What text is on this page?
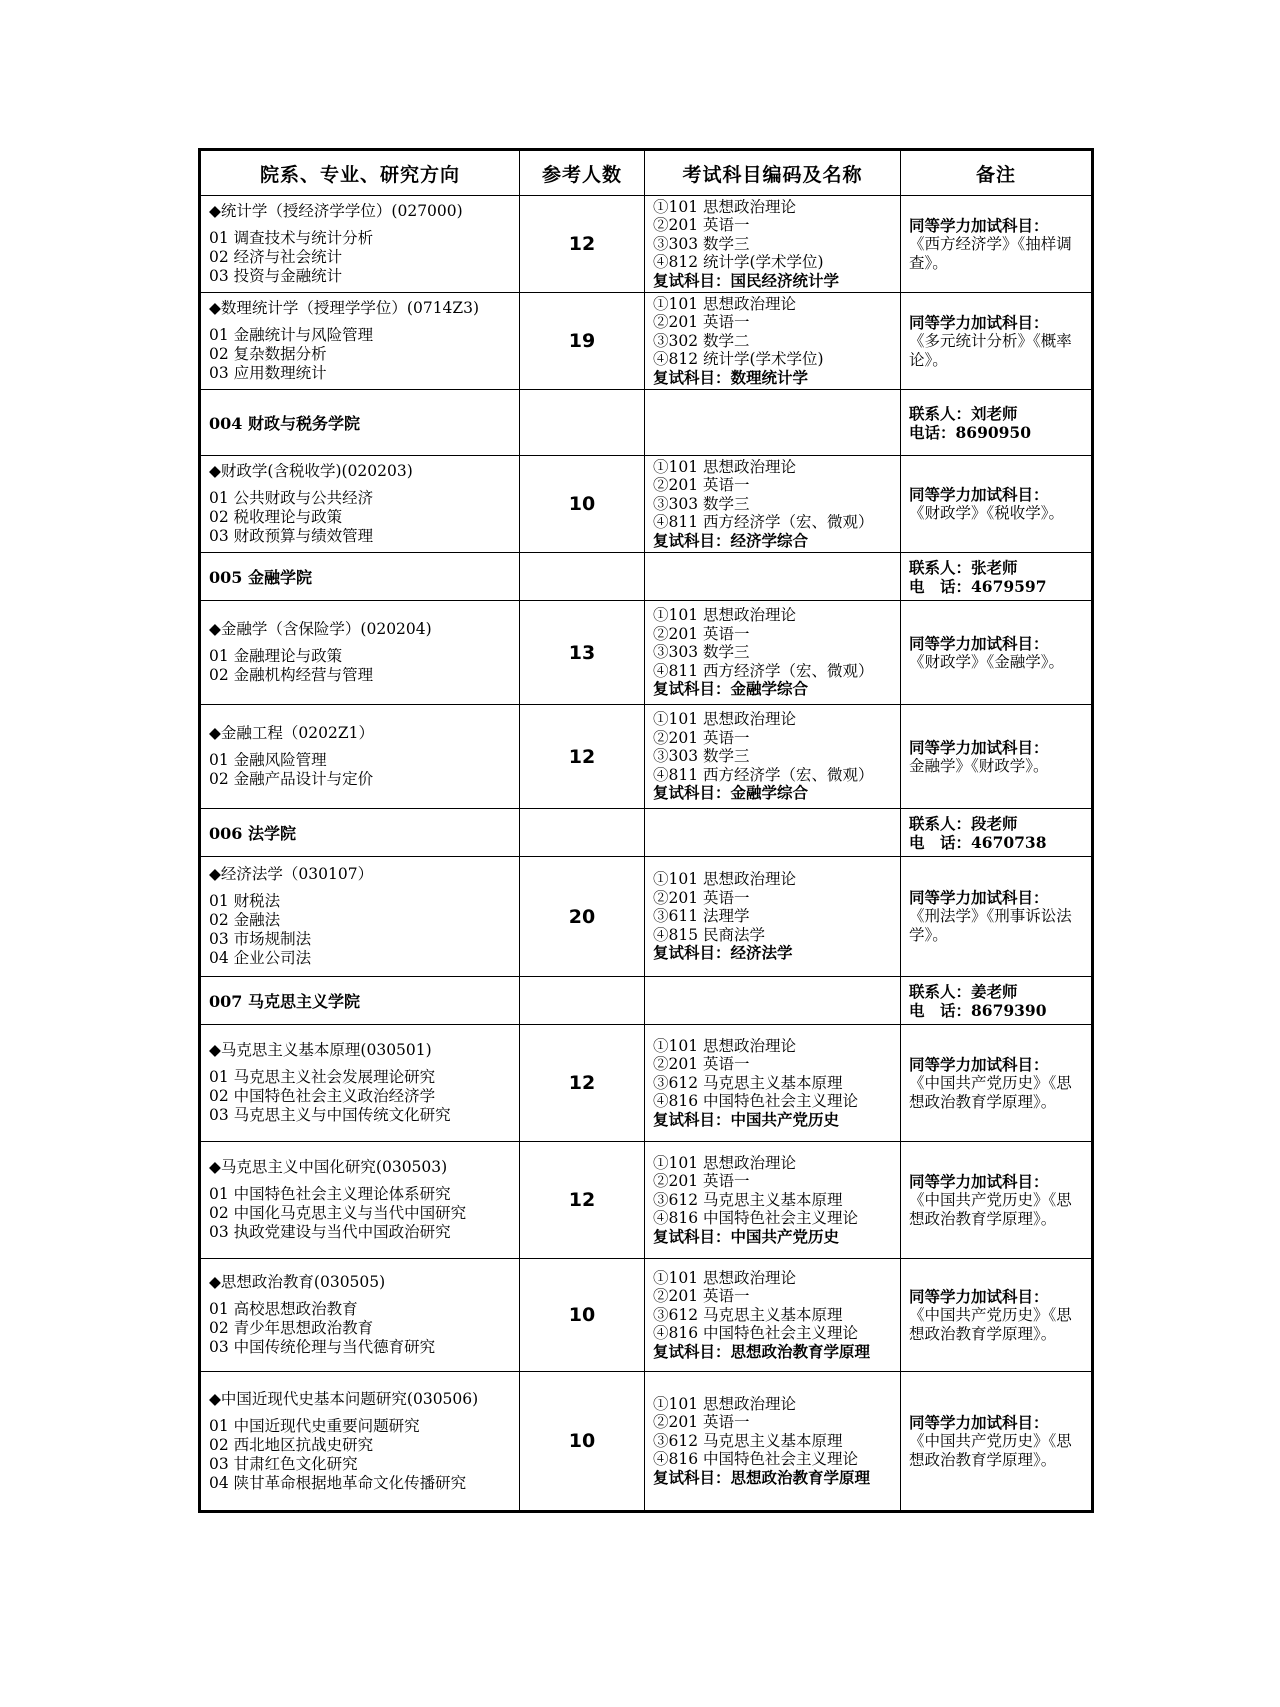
院系、专业、研究方向	参考人数	考试科目编码及名称	备注

◆统计学（授经济学学位）(027000)
01 调查技术与统计分析
02 经济与社会统计
03 投资与金融统计	12	①101 思想政治理论
②201 英语一
③303 数学三
④812 统计学(学术学位)
复试科目：国民经济统计学	同等学力加试科目：
《西方经济学》《抽样调查》。

◆数理统计学（授理学学位）(0714Z3)
01 金融统计与风险管理
02 复杂数据分析
03 应用数理统计	19	①101 思想政治理论
②201 英语一
③302 数学二
④812 统计学(学术学位)
复试科目：数理统计学	同等学力加试科目：
《多元统计分析》《概率论》。
004 财政与税务学院			联系人：刘老师
电话：8690950

◆财政学(含税收学)(020203)
01 公共财政与公共经济
02 税收理论与政策
03 财政预算与绩效管理	10	①101 思想政治理论
②201 英语一
③303 数学三
④811 西方经济学（宏、微观）
复试科目：经济学综合	同等学力加试科目：
《财政学》《税收学》。
005 金融学院			联系人：张老师
电　话：4679597

◆金融学（含保险学）(020204)
01 金融理论与政策
02 金融机构经营与管理	13	①101 思想政治理论
②201 英语一
③303 数学三
④811 西方经济学（宏、微观）
复试科目：金融学综合	同等学力加试科目：
《财政学》《金融学》。

◆金融工程（0202Z1）
01 金融风险管理
02 金融产品设计与定价	12	①101 思想政治理论
②201 英语一
③303 数学三
④811 西方经济学（宏、微观）
复试科目：金融学综合	同等学力加试科目：
金融学》《财政学》。
006 法学院			联系人：段老师
电　话：4670738

◆经济法学（030107）
01 财税法
02 金融法
03 市场规制法
04 企业公司法	20	①101 思想政治理论
②201 英语一
③611 法理学
④815 民商法学
复试科目：经济法学	同等学力加试科目：
《刑法学》《刑事诉讼法学》。
007 马克思主义学院			联系人：姜老师
电　话：8679390

◆马克思主义基本原理(030501)
01 马克思主义社会发展理论研究
02 中国特色社会主义政治经济学
03 马克思主义与中国传统文化研究	12	①101 思想政治理论
②201 英语一
③612 马克思主义基本原理
④816 中国特色社会主义理论
复试科目：中国共产党历史	同等学力加试科目：
《中国共产党历史》《思想政治教育学原理》。

◆马克思主义中国化研究(030503)
01 中国特色社会主义理论体系研究
02 中国化马克思主义与当代中国研究
03 执政党建设与当代中国政治研究	12	①101 思想政治理论
②201 英语一
③612 马克思主义基本原理
④816 中国特色社会主义理论
复试科目：中国共产党历史	同等学力加试科目：
《中国共产党历史》《思想政治教育学原理》。

◆思想政治教育(030505)
01 高校思想政治教育
02 青少年思想政治教育
03 中国传统伦理与当代德育研究	10	①101 思想政治理论
②201 英语一
③612 马克思主义基本原理
④816 中国特色社会主义理论
复试科目：思想政治教育学原理	同等学力加试科目：
《中国共产党历史》《思想政治教育学原理》。

◆中国近现代史基本问题研究(030506)
01 中国近现代史重要问题研究
02 西北地区抗战史研究
03 甘肃红色文化研究
04 陕甘革命根据地革命文化传播研究	10	①101 思想政治理论
②201 英语一
③612 马克思主义基本原理
④816 中国特色社会主义理论
复试科目：思想政治教育学原理	同等学力加试科目：
《中国共产党历史》《思想政治教育学原理》。
